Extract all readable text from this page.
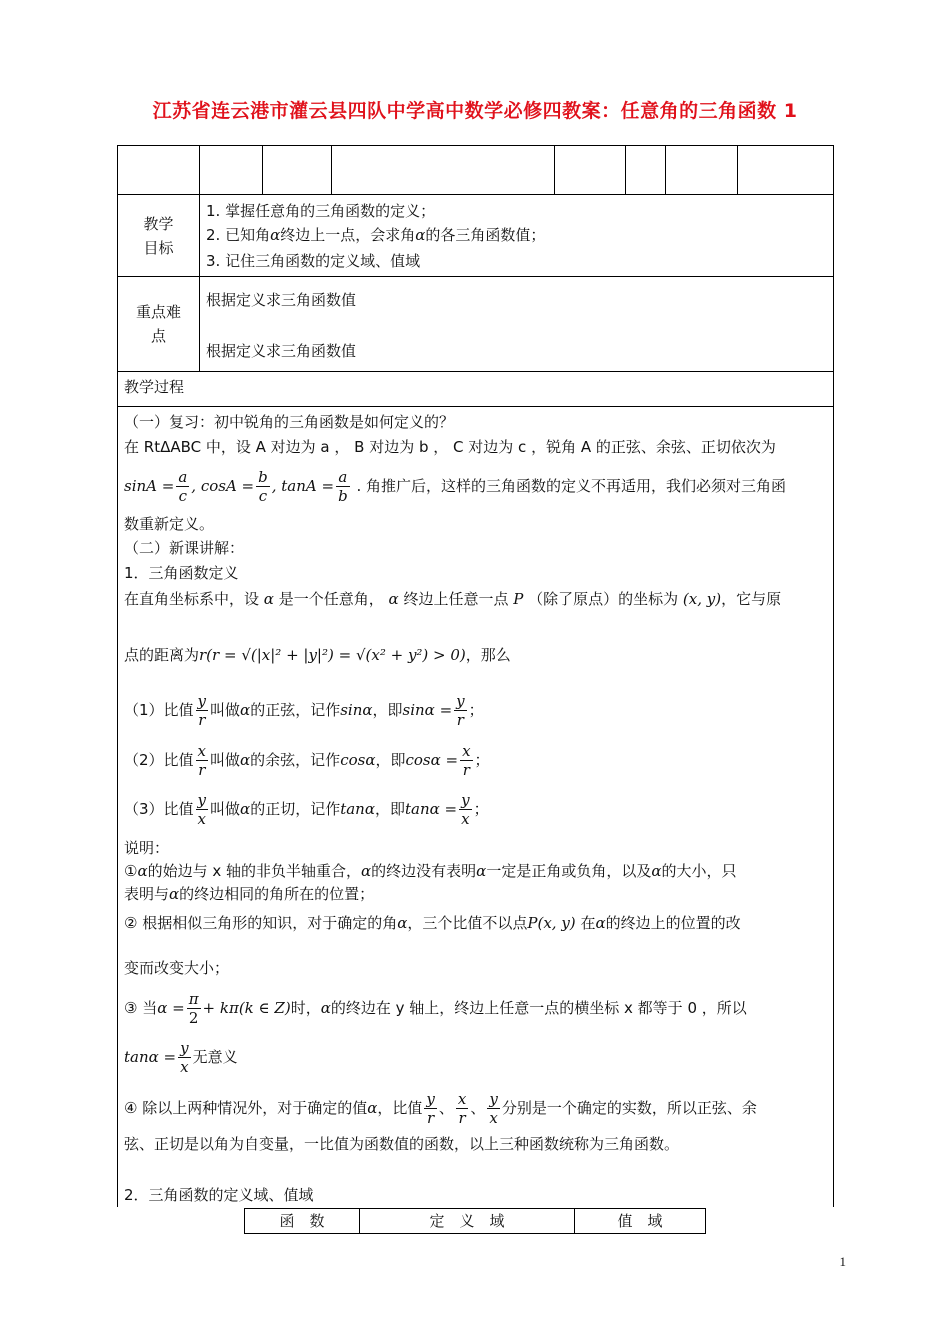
江苏省连云港市灌云县四队中学高中数学必修四教案：任意角的三角函数 1
教学
目标
1. 掌握任意角的三角函数的定义；
2. 已知角α终边上一点，会求角α的各三角函数值；
3. 记住三角函数的定义域、值域
重点难
点
根据定义求三角函数值
根据定义求三角函数值
教学过程
（一）复习：初中锐角的三角函数是如何定义的？
在 RtΔABC 中，设 A 对边为 a ， B 对边为 b ， C 对边为 c ，锐角 A 的正弦、余弦、正切依次为
$\sin A = \frac{a}{c}$ , $\cos A = \frac{b}{c}$ , $\tan A = \frac{a}{b}$ . 角推广后，这样的三角函数的定义不再适用，我们必须对三角函
数重新定义。
（二）新课讲解：
1．三角函数定义
在直角坐标系中，设 α 是一个任意角， α 终边上任意一点 P （除了原点）的坐标为 (x, y)，它与原
点的距离为r(r = √(|x|² + |y|²) = √(x² + y²) > 0)，那么
（1）比值 $\frac{y}{r}$ 叫做α的正弦，记作sinα，即$\sin\alpha = \frac{y}{r}$ ；
（2）比值 $\frac{x}{r}$ 叫做α的余弦，记作cosα，即$\cos\alpha = \frac{x}{r}$ ；
（3）比值 $\frac{y}{x}$ 叫做α的正切，记作tanα，即$\tan\alpha = \frac{y}{x}$ ；
说明：
①α的始边与 x 轴的非负半轴重合，α的终边没有表明α一定是正角或负角，以及α的大小，只
表明与α的终边相同的角所在的位置；
② 根据相似三角形的知识，对于确定的角α，三个比值不以点P(x, y) 在α的终边上的位置的改
变而改变大小；
③ 当$\alpha = \frac{\pi}{2} + k\pi(k$ ∈ Z)时，α的终边在 y 轴上，终边上任意一点的横坐标 x 都等于 0 ，所以
$\tan\alpha = \frac{y}{x}$ 无意义
④ 除以上两种情况外，对于确定的值α，比值 $\frac{y}{r}$ 、 $\frac{x}{r}$ 、 $\frac{y}{x}$ 分别是一个确定的实数，所以正弦、余
弦、正切是以角为自变量，一比值为函数值的函数，以上三种函数统称为三角函数。
2．三角函数的定义域、值域
函　数	定　义　域	值　域
1
